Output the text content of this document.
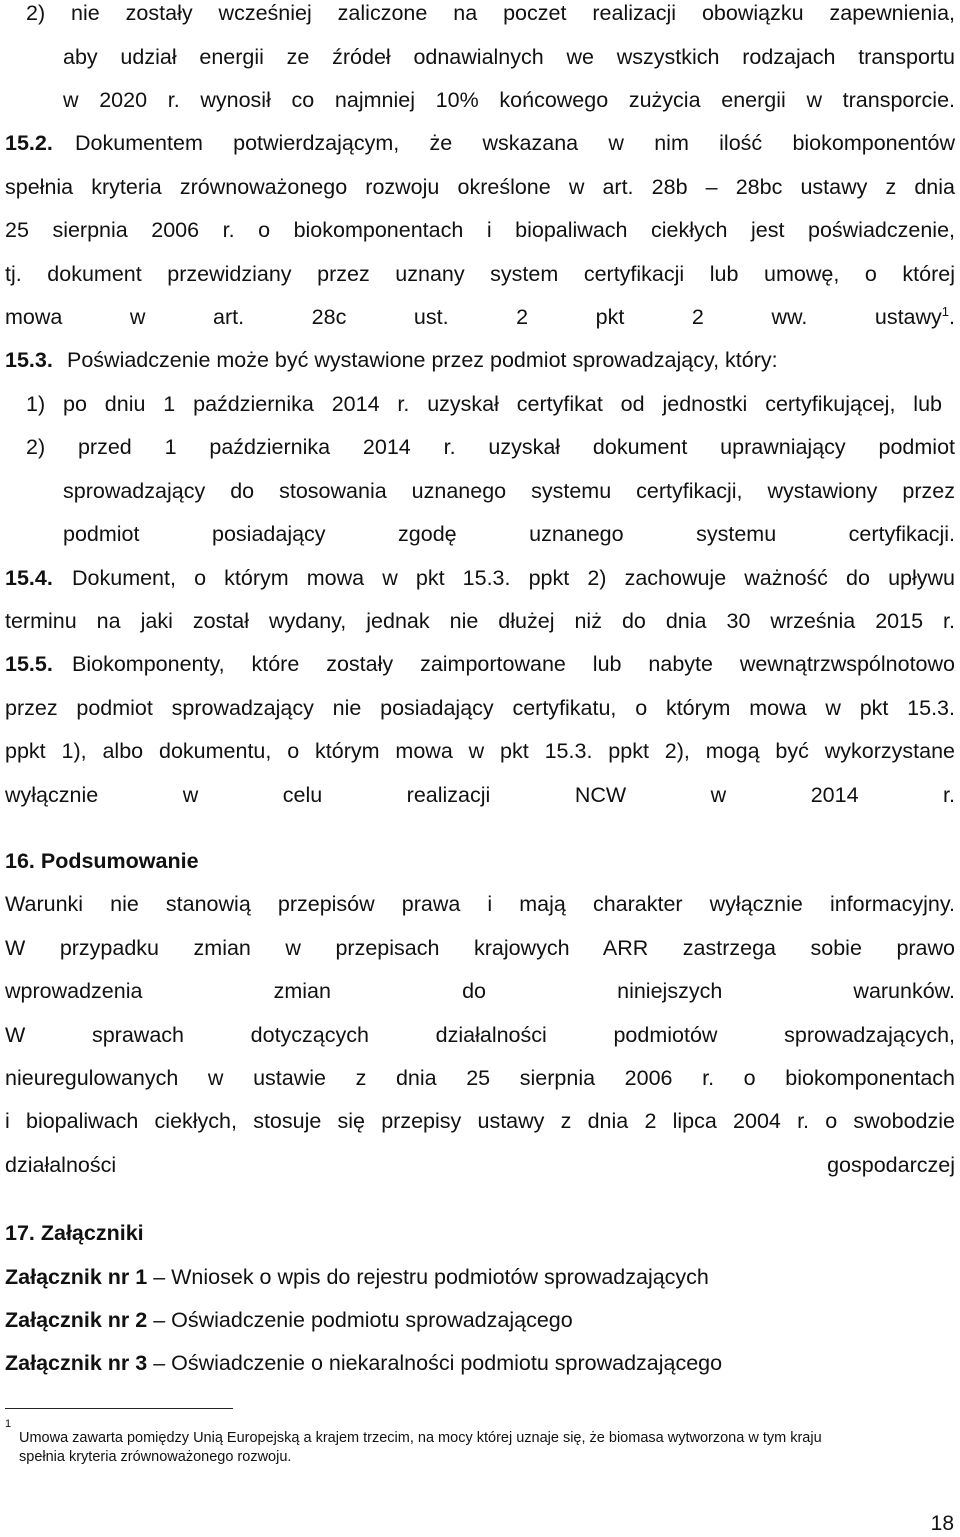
2) nie zostały wcześniej zaliczone na poczet realizacji obowiązku zapewnienia,
aby udział energii ze źródeł odnawialnych we wszystkich rodzajach transportu
w 2020 r. wynosił co najmniej 10% końcowego zużycia energii w transporcie.
15.2. Dokumentem potwierdzającym, że wskazana w nim ilość biokomponentów
spełnia kryteria zrównoważonego rozwoju określone w art. 28b – 28bc ustawy z dnia
25 sierpnia 2006 r. o biokomponentach i biopaliwach ciekłych jest poświadczenie,
tj. dokument przewidziany przez uznany system certyfikacji lub umowę, o której
mowa w art. 28c ust. 2 pkt 2 ww. ustawy$^1$.
15.3. Poświadczenie może być wystawione przez podmiot sprowadzający, który:
1) po dniu 1 października 2014 r. uzyskał certyfikat od jednostki certyfikującej, lub
2) przed 1 października 2014 r. uzyskał dokument uprawniający podmiot
sprowadzający do stosowania uznanego systemu certyfikacji, wystawiony przez
podmiot posiadający zgodę uznanego systemu certyfikacji.
15.4. Dokument, o którym mowa w pkt 15.3. ppkt 2) zachowuje ważność do upływu
terminu na jaki został wydany, jednak nie dłużej niż do dnia 30 września 2015 r.
15.5. Biokomponenty, które zostały zaimportowane lub nabyte wewnątrzwspólnotowo
przez podmiot sprowadzający nie posiadający certyfikatu, o którym mowa w pkt 15.3.
ppkt 1), albo dokumentu, o którym mowa w pkt 15.3. ppkt 2), mogą być wykorzystane
wyłącznie w celu realizacji NCW w 2014 r.
16. Podsumowanie
Warunki nie stanowią przepisów prawa i mają charakter wyłącznie informacyjny.
W przypadku zmian w przepisach krajowych ARR zastrzega sobie prawo
wprowadzenia zmian do niniejszych warunków.
W sprawach dotyczących działalności podmiotów sprowadzających,
nieuregulowanych w ustawie z dnia 25 sierpnia 2006 r. o biokomponentach
i biopaliwach ciekłych, stosuje się przepisy ustawy z dnia 2 lipca 2004 r. o swobodzie
działalności gospodarczej
17. Załączniki
Załącznik nr 1 – Wniosek o wpis do rejestru podmiotów sprowadzających
Załącznik nr 2 – Oświadczenie podmiotu sprowadzającego
Załącznik nr 3 – Oświadczenie o niekaralności podmiotu sprowadzającego
1
Umowa zawarta pomiędzy Unią Europejską a krajem trzecim, na mocy której uznaje się, że biomasa wytworzona w tym kraju
spełnia kryteria zrównoważonego rozwoju.
18
